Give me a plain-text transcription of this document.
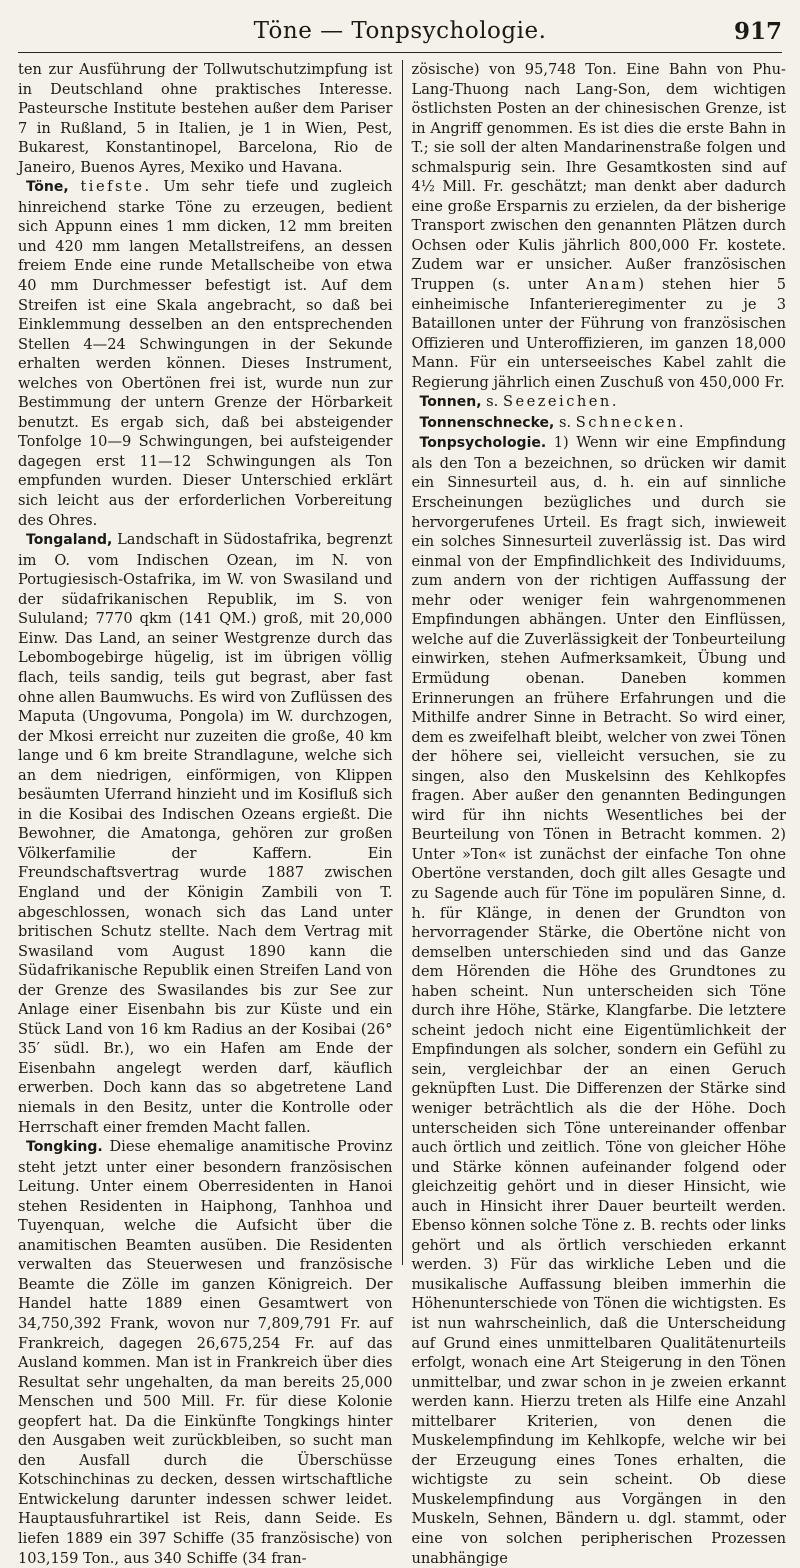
Töne — Tonpsychologie.	917

ten zur Ausführung der Tollwutschutzimpfung ist in Deutschland ohne praktisches Interesse. Pasteursche Institute bestehen außer dem Pariser 7 in Rußland, 5 in Italien, je 1 in Wien, Pest, Bukarest, Konstantinopel, Barcelona, Rio de Janeiro, Buenos Ayres, Mexiko und Havana.

Töne, tiefste. Um sehr tiefe und zugleich hinreichend starke Töne zu erzeugen, bedient sich Appunn eines 1 mm dicken, 12 mm breiten und 420 mm langen Metallstreifens, an dessen freiem Ende eine runde Metallscheibe von etwa 40 mm Durchmesser befestigt ist. Auf dem Streifen ist eine Skala angebracht, so daß bei Einklemmung desselben an den entsprechenden Stellen 4—24 Schwingungen in der Sekunde erhalten werden können. Dieses Instrument, welches von Obertönen frei ist, wurde nun zur Bestimmung der untern Grenze der Hörbarkeit benutzt. Es ergab sich, daß bei absteigender Tonfolge 10—9 Schwingungen, bei aufsteigender dagegen erst 11—12 Schwingungen als Ton empfunden wurden. Dieser Unterschied erklärt sich leicht aus der erforderlichen Vorbereitung des Ohres.

Tongaland, Landschaft in Südostafrika, begrenzt im O. vom Indischen Ozean, im N. von Portugiesisch-Ostafrika, im W. von Swasiland und der südafrikanischen Republik, im S. von Sululand; 7770 qkm (141 QM.) groß, mit 20,000 Einw. Das Land, an seiner Westgrenze durch das Lebombogebirge hügelig, ist im übrigen völlig flach, teils sandig, teils gut begrast, aber fast ohne allen Baumwuchs. Es wird von Zuflüssen des Maputa (Ungovuma, Pongola) im W. durchzogen, der Mkosi erreicht nur zuzeiten die große, 40 km lange und 6 km breite Strandlagune, welche sich an dem niedrigen, einförmigen, von Klippen besäumten Uferrand hinzieht und im Kosifluß sich in die Kosibai des Indischen Ozeans ergießt. Die Bewohner, die Amatonga, gehören zur großen Völkerfamilie der Kaffern. Ein Freundschaftsvertrag wurde 1887 zwischen England und der Königin Zambili von T. abgeschlossen, wonach sich das Land unter britischen Schutz stellte. Nach dem Vertrag mit Swasiland vom August 1890 kann die Südafrikanische Republik einen Streifen Land von der Grenze des Swasilandes bis zur See zur Anlage einer Eisenbahn bis zur Küste und ein Stück Land von 16 km Radius an der Kosibai (26° 35′ südl. Br.), wo ein Hafen am Ende der Eisenbahn angelegt werden darf, käuflich erwerben. Doch kann das so abgetretene Land niemals in den Besitz, unter die Kontrolle oder Herrschaft einer fremden Macht fallen.

Tongking. Diese ehemalige anamitische Provinz steht jetzt unter einer besondern französischen Leitung. Unter einem Oberresidenten in Hanoi stehen Residenten in Haiphong, Tanhhoa und Tuyenquan, welche die Aufsicht über die anamitischen Beamten ausüben. Die Residenten verwalten das Steuerwesen und französische Beamte die Zölle im ganzen Königreich. Der Handel hatte 1889 einen Gesamtwert von 34,750,392 Frank, wovon nur 7,809,791 Fr. auf Frankreich, dagegen 26,675,254 Fr. auf das Ausland kommen. Man ist in Frankreich über dies Resultat sehr ungehalten, da man bereits 25,000 Menschen und 500 Mill. Fr. für diese Kolonie geopfert hat. Da die Einkünfte Tongkings hinter den Ausgaben weit zurückbleiben, so sucht man den Ausfall durch die Überschüsse Kotschinchinas zu decken, dessen wirtschaftliche Entwickelung darunter indessen schwer leidet. Hauptausfuhrartikel ist Reis, dann Seide. Es liefen 1889 ein 397 Schiffe (35 französische) von 103,159 Ton., aus 340 Schiffe (34 fran-

zösische) von 95,748 Ton. Eine Bahn von Phu-Lang-Thuong nach Lang-Son, dem wichtigen östlichsten Posten an der chinesischen Grenze, ist in Angriff genommen. Es ist dies die erste Bahn in T.; sie soll der alten Mandarinenstraße folgen und schmalspurig sein. Ihre Gesamtkosten sind auf 4½ Mill. Fr. geschätzt; man denkt aber dadurch eine große Ersparnis zu erzielen, da der bisherige Transport zwischen den genannten Plätzen durch Ochsen oder Kulis jährlich 800,000 Fr. kostete. Zudem war er unsicher. Außer französischen Truppen (s. unter Anam) stehen hier 5 einheimische Infanterieregimenter zu je 3 Bataillonen unter der Führung von französischen Offizieren und Unteroffizieren, im ganzen 18,000 Mann. Für ein unterseeisches Kabel zahlt die Regierung jährlich einen Zuschuß von 450,000 Fr.

Tonnen, s. Seezeichen.

Tonnenschnecke, s. Schnecken.

Tonpsychologie. 1) Wenn wir eine Empfindung als den Ton a bezeichnen, so drücken wir damit ein Sinnesurteil aus, d. h. ein auf sinnliche Erscheinungen bezügliches und durch sie hervorgerufenes Urteil. Es fragt sich, inwieweit ein solches Sinnesurteil zuverlässig ist. Das wird einmal von der Empfindlichkeit des Individuums, zum andern von der richtigen Auffassung der mehr oder weniger fein wahrgenommenen Empfindungen abhängen. Unter den Einflüssen, welche auf die Zuverlässigkeit der Tonbeurteilung einwirken, stehen Aufmerksamkeit, Übung und Ermüdung obenan. Daneben kommen Erinnerungen an frühere Erfahrungen und die Mithilfe andrer Sinne in Betracht. So wird einer, dem es zweifelhaft bleibt, welcher von zwei Tönen der höhere sei, vielleicht versuchen, sie zu singen, also den Muskelsinn des Kehlkopfes fragen. Aber außer den genannten Bedingungen wird für ihn nichts Wesentliches bei der Beurteilung von Tönen in Betracht kommen. 2) Unter »Ton« ist zunächst der einfache Ton ohne Obertöne verstanden, doch gilt alles Gesagte und zu Sagende auch für Töne im populären Sinne, d. h. für Klänge, in denen der Grundton von hervorragender Stärke, die Obertöne nicht von demselben unterschieden sind und das Ganze dem Hörenden die Höhe des Grundtones zu haben scheint. Nun unterscheiden sich Töne durch ihre Höhe, Stärke, Klangfarbe. Die letztere scheint jedoch nicht eine Eigentümlichkeit der Empfindungen als solcher, sondern ein Gefühl zu sein, vergleichbar der an einen Geruch geknüpften Lust. Die Differenzen der Stärke sind weniger beträchtlich als die der Höhe. Doch unterscheiden sich Töne untereinander offenbar auch örtlich und zeitlich. Töne von gleicher Höhe und Stärke können aufeinander folgend oder gleichzeitig gehört und in dieser Hinsicht, wie auch in Hinsicht ihrer Dauer beurteilt werden. Ebenso können solche Töne z. B. rechts oder links gehört und als örtlich verschieden erkannt werden. 3) Für das wirkliche Leben und die musikalische Auffassung bleiben immerhin die Höhenunterschiede von Tönen die wichtigsten. Es ist nun wahrscheinlich, daß die Unterscheidung auf Grund eines unmittelbaren Qualitätenurteils erfolgt, wonach eine Art Steigerung in den Tönen unmittelbar, und zwar schon in je zweien erkannt werden kann. Hierzu treten als Hilfe eine Anzahl mittelbarer Kriterien, von denen die Muskelempfindung im Kehlkopfe, welche wir bei der Erzeugung eines Tones erhalten, die wichtigste zu sein scheint. Ob diese Muskelempfindung aus Vorgängen in den Muskeln, Sehnen, Bändern u. dgl. stammt, oder eine von solchen peripherischen Prozessen unabhängige
